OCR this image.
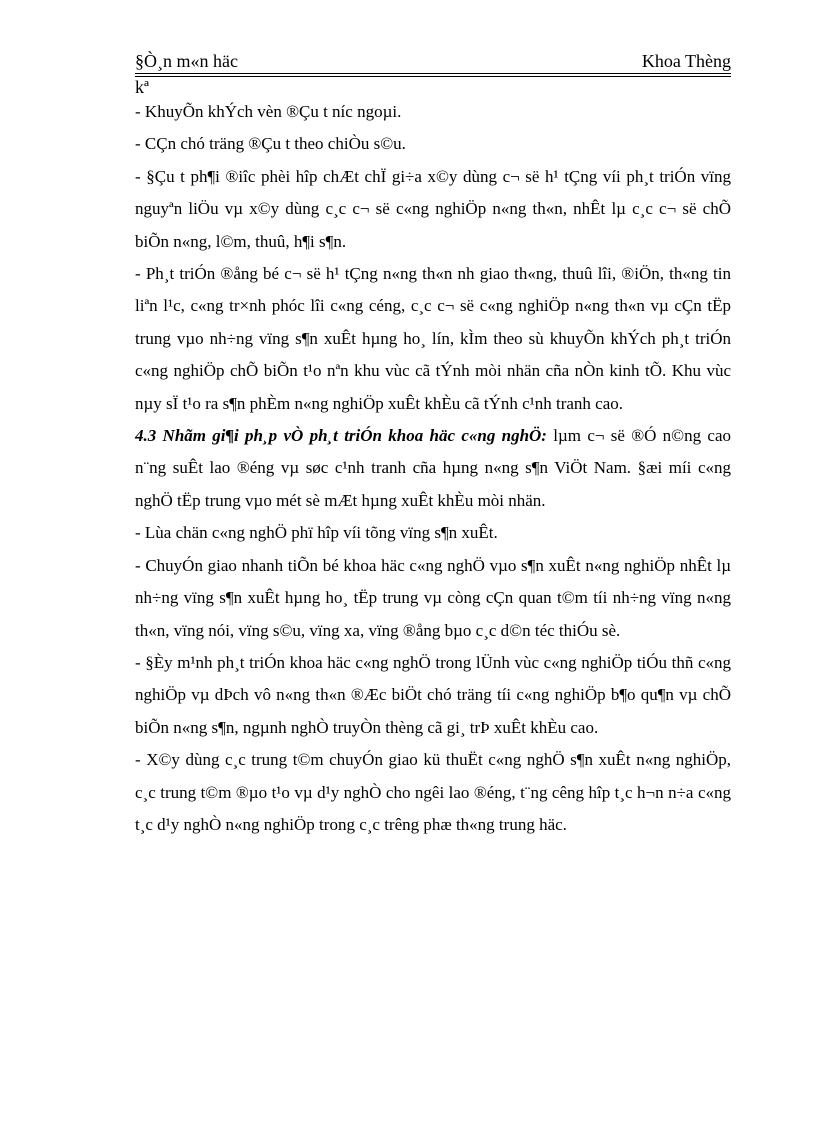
§Ò¸n m«n häc	Khoa Thèng
kª

- KhuyÕn khÝch vèn ®Çu t níc ngoµi.

- CÇn chó träng ®Çu t theo chiÒu s©u.

- §Çu t ph¶i ®iîc phèi hîp chÆt chÏ gi÷a x©y dùng c¬ së h¹ tÇng víi ph¸t triÓn vïng nguyªn liÖu vµ x©y dùng c¸c c¬ së c«ng nghiÖp n«ng th«n, nhÊt lµ c¸c c¬ së chÕ biÕn n«ng, l©m, thuû, h¶i s¶n.

- Ph¸t triÓn ®ång bé c¬ së h¹ tÇng n«ng th«n nh giao th«ng, thuû lîi, ®iÖn, th«ng tin liªn l¹c, c«ng tr×nh phóc lîi c«ng céng, c¸c c¬ së c«ng nghiÖp n«ng th«n vµ cÇn tËp trung vµo nh÷ng vïng s¶n xuÊt hµng ho¸ lín, kÌm theo sù khuyÕn khÝch ph¸t triÓn c«ng nghiÖp chÕ biÕn t¹o nªn khu vùc cã tÝnh mòi nhän cña nÒn kinh tÕ. Khu vùc nµy sÏ t¹o ra s¶n phÈm n«ng nghiÖp xuÊt khÈu cã tÝnh c¹nh tranh cao.

4.3 Nhãm gi¶i ph¸p vÒ ph¸t triÓn khoa häc c«ng nghÖ: lµm c¬ së ®Ó n©ng cao n¨ng suÊt lao ®éng vµ søc c¹nh tranh cña hµng n«ng s¶n ViÖt Nam. §æi míi c«ng nghÖ tËp trung vµo mét sè mÆt hµng xuÊt khÈu mòi nhän.

- Lùa chän c«ng nghÖ phï hîp víi tõng vïng s¶n xuÊt.

- ChuyÓn giao nhanh tiÕn bé khoa häc c«ng nghÖ vµo s¶n xuÊt n«ng nghiÖp nhÊt lµ nh÷ng vïng s¶n xuÊt hµng ho¸ tËp trung vµ còng cÇn quan t©m tíi nh÷ng vïng n«ng th«n, vïng nói, vïng s©u, vïng xa, vïng ®ång bµo c¸c d©n téc thiÓu sè.

- §Èy m¹nh ph¸t triÓn khoa häc c«ng nghÖ trong lÜnh vùc c«ng nghiÖp tiÓu thñ c«ng nghiÖp vµ dÞch vô n«ng th«n ®Æc biÖt chó träng tíi c«ng nghiÖp b¶o qu¶n vµ chÕ biÕn n«ng s¶n, ngµnh nghÒ truyÒn thèng cã gi¸ trÞ xuÊt khÈu cao.

- X©y dùng c¸c trung t©m chuyÓn giao kü thuËt c«ng nghÖ s¶n xuÊt n«ng nghiÖp, c¸c trung t©m ®µo t¹o vµ d¹y nghÒ cho ngêi lao ®éng, t¨ng cêng hîp t¸c h¬n n÷a c«ng t¸c d¹y nghÒ n«ng nghiÖp trong c¸c trêng phæ th«ng trung häc.
